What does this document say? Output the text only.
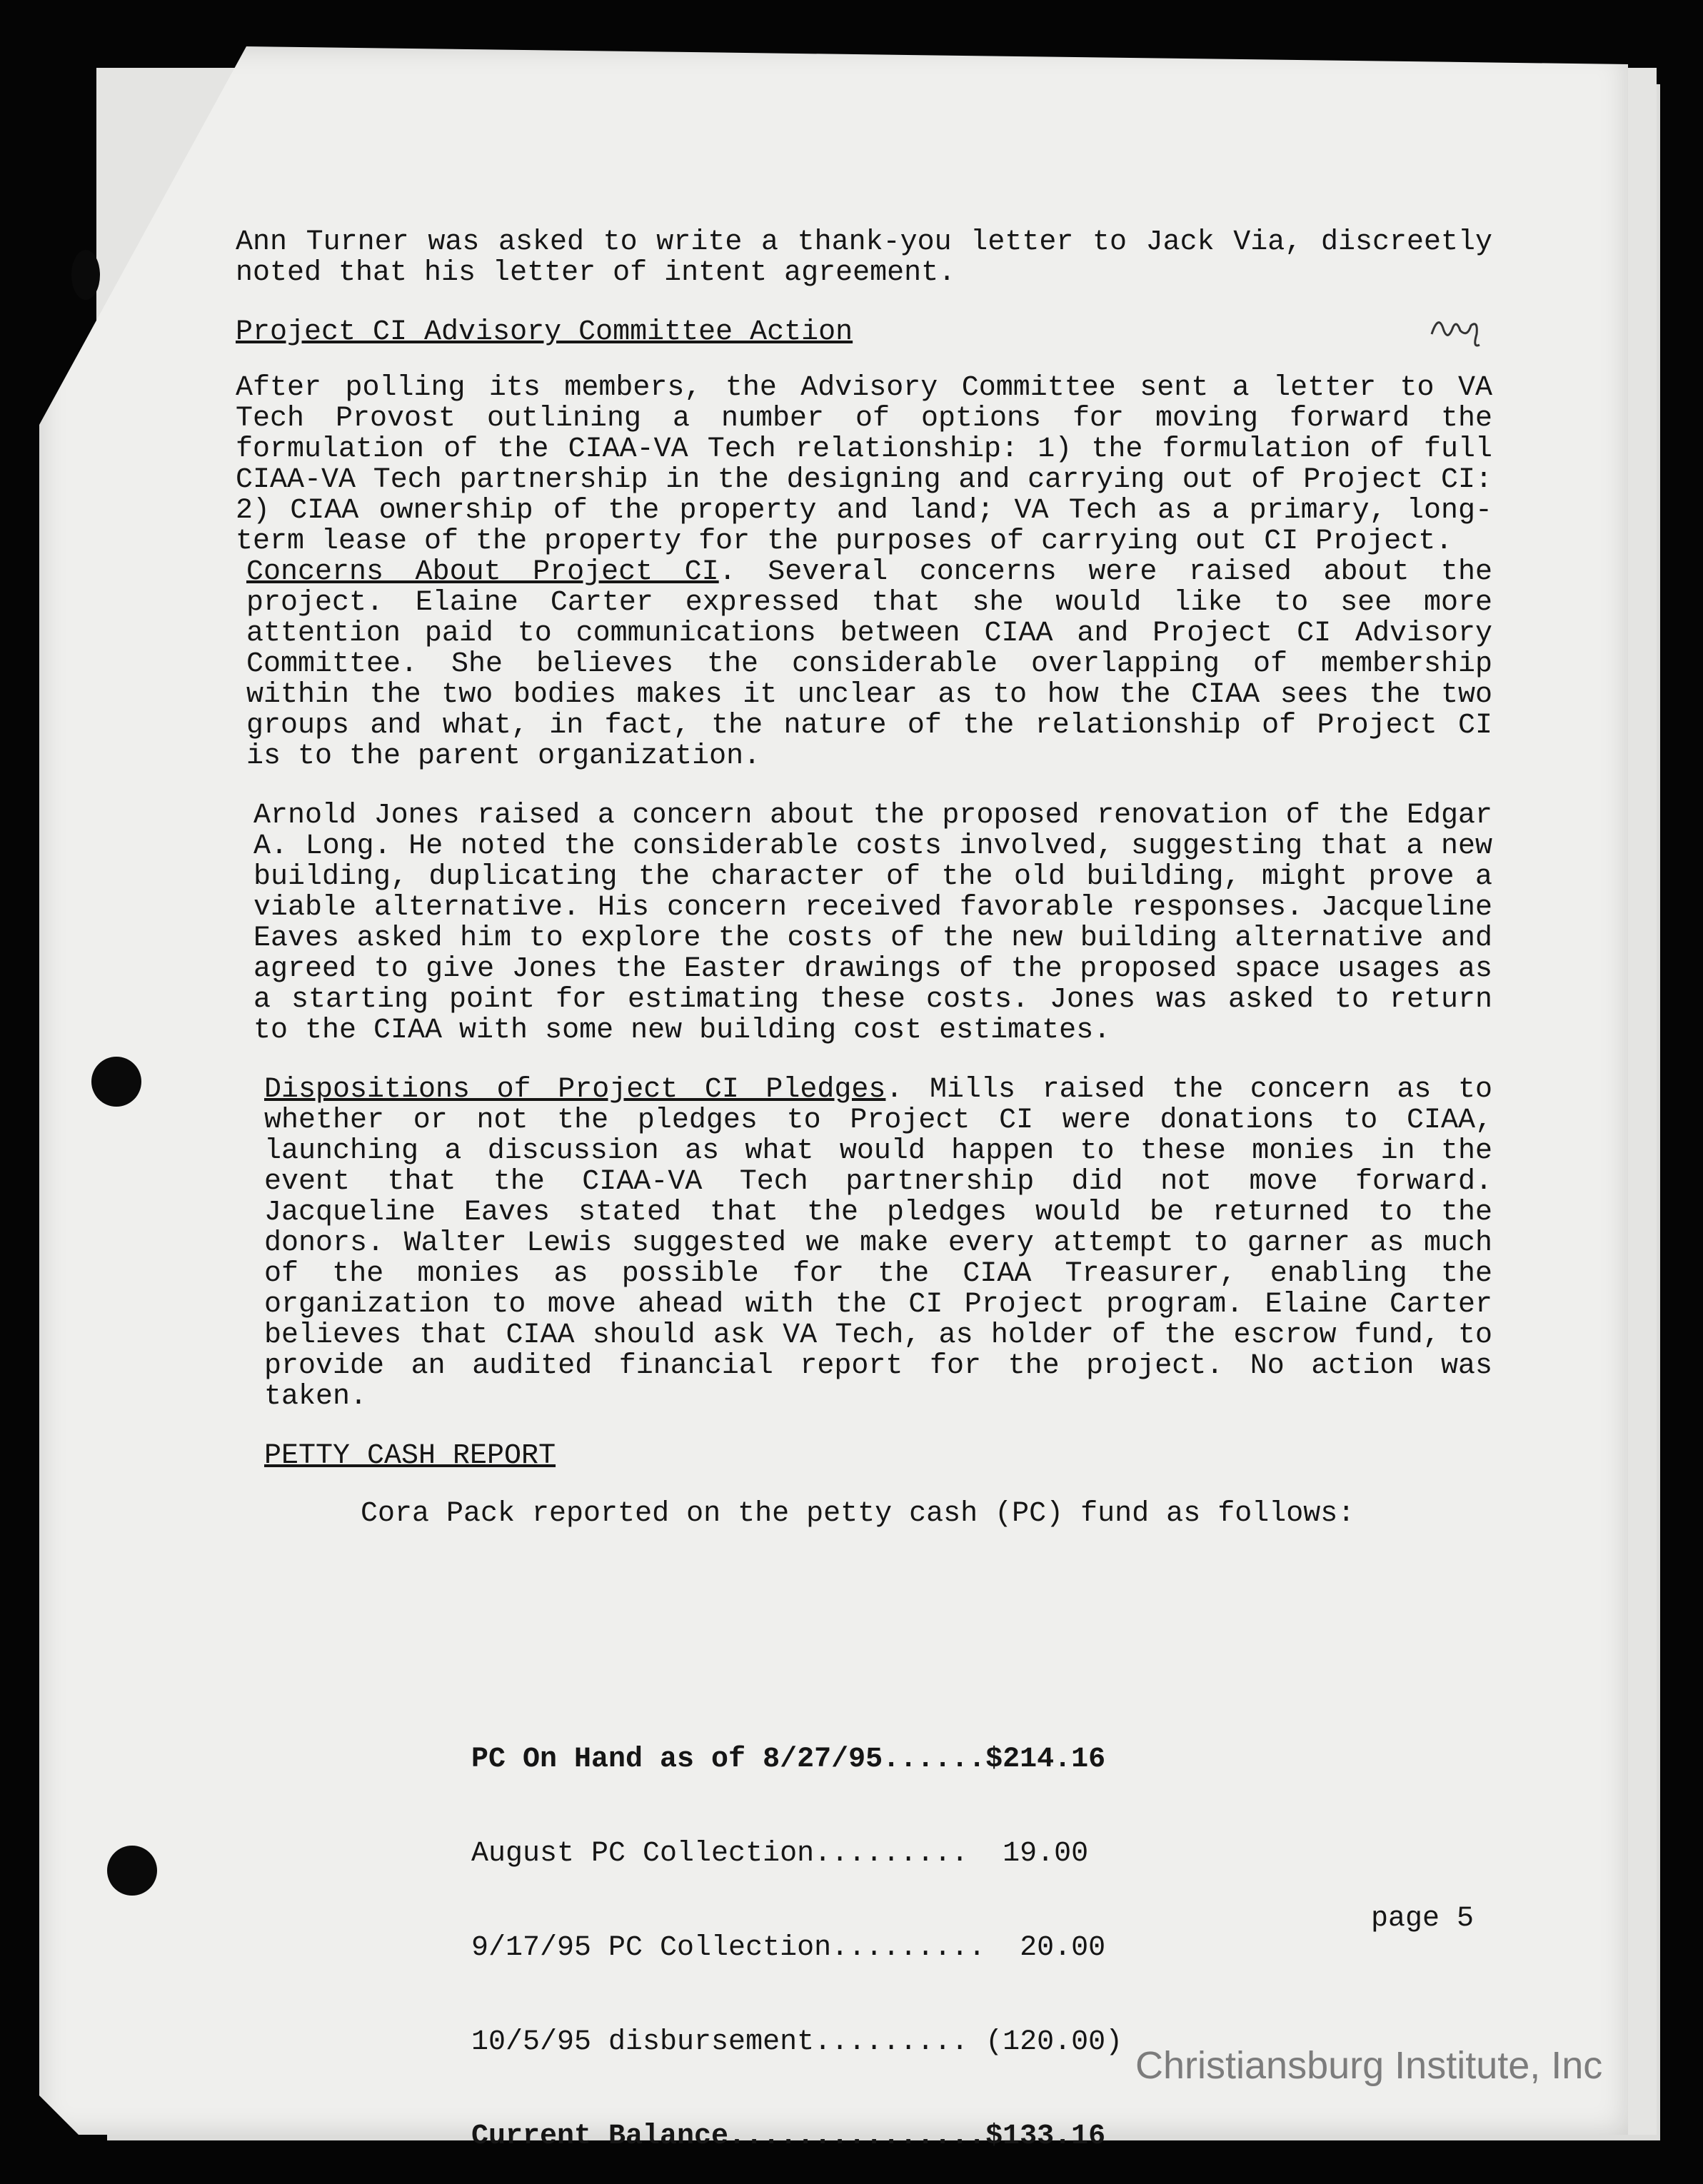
Ann Turner was asked to write a thank-you letter to Jack Via, discreetly noted that his letter of intent agreement.

Project CI Advisory Committee Action

After polling its members, the Advisory Committee sent a letter to VA Tech Provost outlining a number of options for moving forward the formulation of the CIAA-VA Tech relationship: 1) the formulation of full CIAA-VA Tech partnership in the designing and carrying out of Project CI: 2) CIAA ownership of the property and land; VA Tech as a primary, long-term lease of the property for the purposes of carrying out CI Project.

Concerns About Project CI. Several concerns were raised about the project. Elaine Carter expressed that she would like to see more attention paid to communications between CIAA and Project CI Advisory Committee. She believes the considerable overlapping of membership within the two bodies makes it unclear as to how the CIAA sees the two groups and what, in fact, the nature of the relationship of Project CI is to the parent organization.

Arnold Jones raised a concern about the proposed renovation of the Edgar A. Long. He noted the considerable costs involved, suggesting that a new building, duplicating the character of the old building, might prove a viable alternative. His concern received favorable responses. Jacqueline Eaves asked him to explore the costs of the new building alternative and agreed to give Jones the Easter drawings of the proposed space usages as a starting point for estimating these costs. Jones was asked to return to the CIAA with some new building cost estimates.

Dispositions of Project CI Pledges. Mills raised the concern as to whether or not the pledges to Project CI were donations to CIAA, launching a discussion as what would happen to these monies in the event that the CIAA-VA Tech partnership did not move forward. Jacqueline Eaves stated that the pledges would be returned to the donors. Walter Lewis suggested we make every attempt to garner as much of the monies as possible for the CIAA Treasurer, enabling the organization to move ahead with the CI Project program. Elaine Carter believes that CIAA should ask VA Tech, as holder of the escrow fund, to provide an audited financial report for the project. No action was taken.

PETTY CASH REPORT

Cora Pack reported on the petty cash (PC) fund as follows:

PC On Hand as of 8/27/95......$214.16

August PC Collection.........  19.00

9/17/95 PC Collection.........  20.00

10/5/95 disbursement......... (120.00)

Current Balance...............$133.16

page 5
Christiansburg Institute, Inc
